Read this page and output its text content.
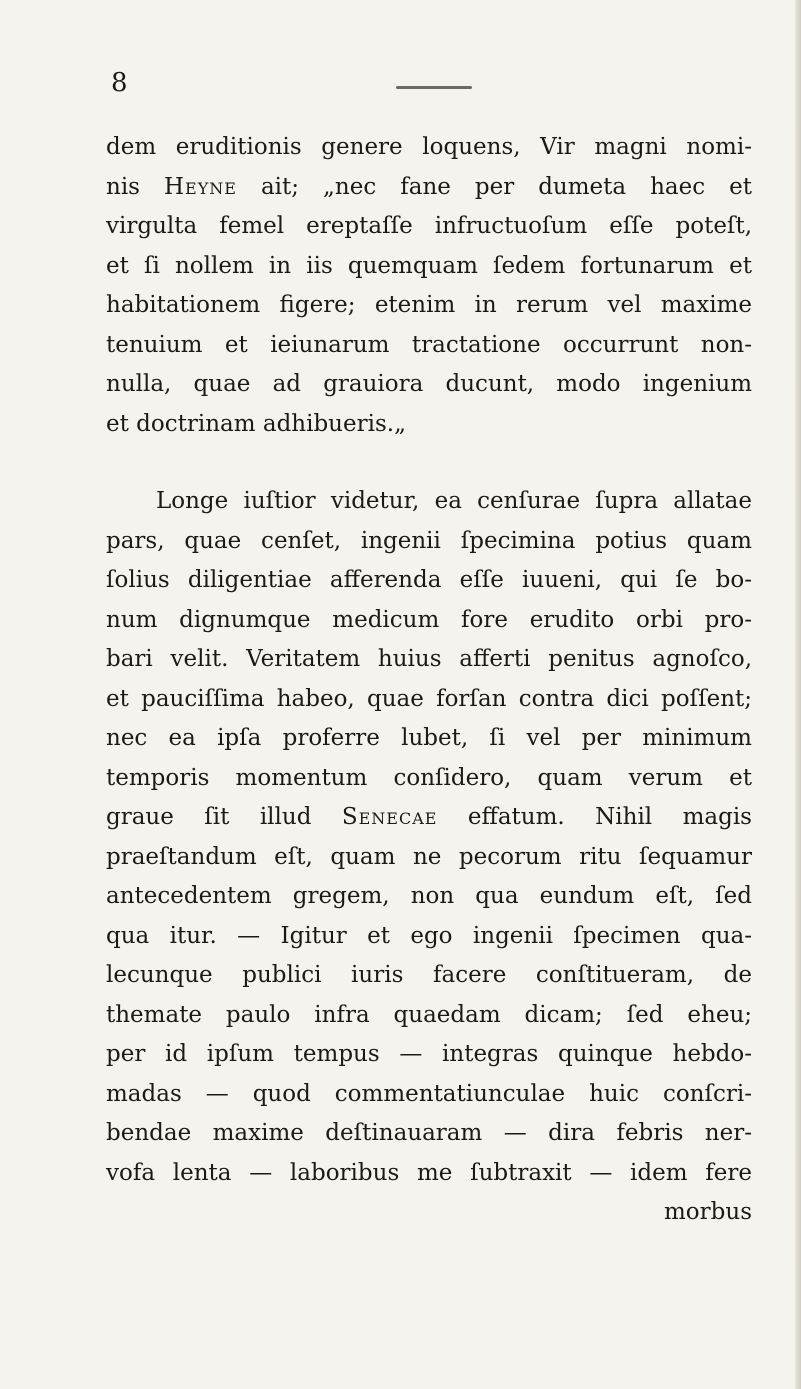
8
dem eruditionis genere loquens, Vir magni nomi-
nis Heyne ait; „nec fane per dumeta haec et
virgulta femel ereptaſſe infructuoſum eſſe poteſt,
et ſi nollem in iis quemquam ſedem fortunarum et
habitationem figere; etenim in rerum vel maxime
tenuium et ieiunarum tractatione occurrunt non-
nulla, quae ad grauiora ducunt, modo ingenium
et doctrinam adhibueris.„
Longe iuſtior videtur, ea cenſurae ſupra allatae
pars, quae cenſet, ingenii ſpecimina potius quam
ſolius diligentiae afferenda eſſe iuueni, qui ſe bo-
num dignumque medicum fore erudito orbi pro-
bari velit. Veritatem huius afferti penitus agnoſco,
et pauciſſima habeo, quae forſan contra dici poſſent;
nec ea ipſa proferre lubet, ſi vel per minimum
temporis momentum conſidero, quam verum et
graue ſit illud Senecae effatum. Nihil magis
praeſtandum eſt, quam ne pecorum ritu ſequamur
antecedentem gregem, non qua eundum eſt, ſed
qua itur. — Igitur et ego ingenii ſpecimen qua-
lecunque publici iuris facere conſtitueram, de
themate paulo infra quaedam dicam; ſed eheu;
per id ipſum tempus — integras quinque hebdo-
madas — quod commentatiunculae huic conſcri-
bendae maxime deſtinauaram — dira febris ner-
vofa lenta — laboribus me ſubtraxit — idem fere
morbus
